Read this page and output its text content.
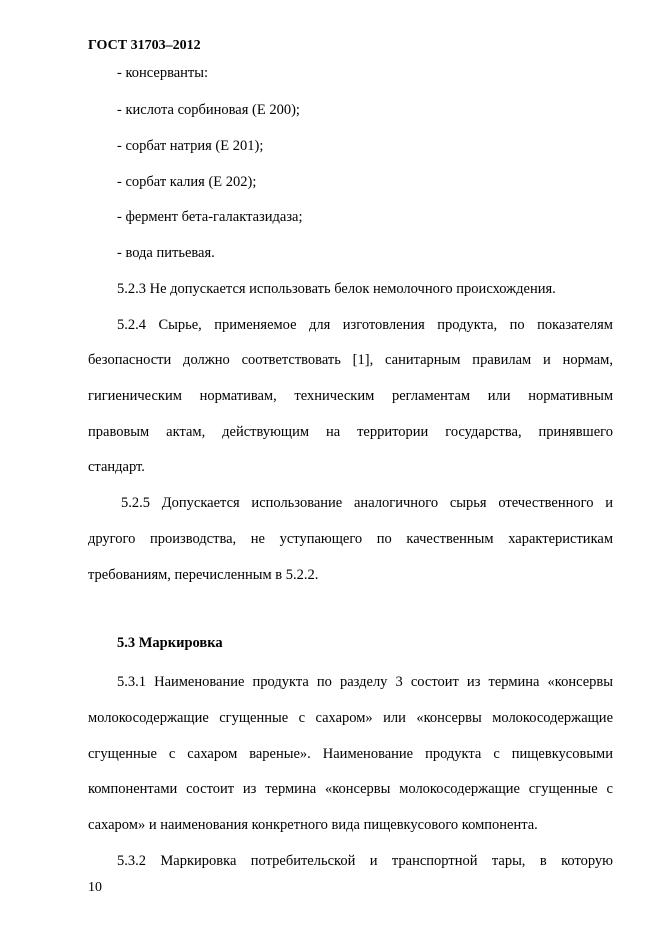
ГОСТ 31703–2012
- консерванты:
- кислота сорбиновая (Е 200);
- сорбат натрия (Е 201);
- сорбат калия (Е 202);
- фермент бета-галактазидаза;
- вода питьевая.
5.2.3 Не допускается использовать белок немолочного происхождения.
5.2.4 Сырье, применяемое для изготовления продукта, по показателям
безопасности должно соответствовать [1], санитарным правилам и нормам,
гигиеническим нормативам, техническим регламентам или нормативным
правовым актам, действующим на территории государства, принявшего
стандарт.
5.2.5 Допускается использование аналогичного сырья отечественного и
другого производства, не уступающего по качественным характеристикам
требованиям, перечисленным в 5.2.2.
5.3 Маркировка
5.3.1 Наименование продукта по разделу 3 состоит из термина «консервы
молокосодержащие сгущенные с сахаром» или «консервы молокосодержащие
сгущенные с сахаром вареные». Наименование продукта с пищевкусовыми
компонентами состоит из термина «консервы молокосодержащие сгущенные с
сахаром» и наименования конкретного вида пищевкусового компонента.
5.3.2 Маркировка потребительской и транспортной тары, в которую
10
